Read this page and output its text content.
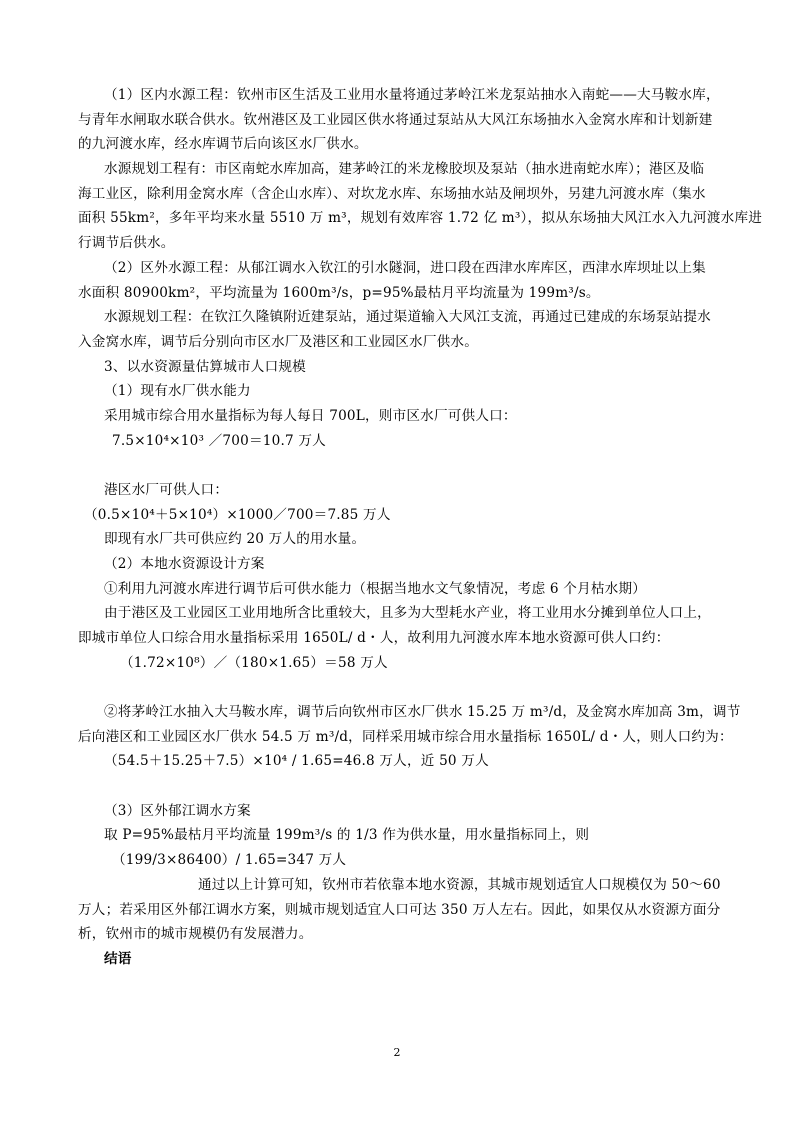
（1）区内水源工程：钦州市区生活及工业用水量将通过茅岭江米龙泵站抽水入南蛇——大马鞍水库，
与青年水闸取水联合供水。钦州港区及工业园区供水将通过泵站从大风江东场抽水入金窝水库和计划新建
的九河渡水库，经水库调节后向该区水厂供水。
水源规划工程有：市区南蛇水库加高，建茅岭江的米龙橡胶坝及泵站（抽水进南蛇水库）；港区及临
海工业区，除利用金窝水库（含企山水库）、对坎龙水库、东场抽水站及闸坝外，另建九河渡水库（集水
面积 55km²，多年平均来水量 5510 万 m³，规划有效库容 1.72 亿 m³），拟从东场抽大风江水入九河渡水库进
行调节后供水。
（2）区外水源工程：从郁江调水入钦江的引水隧洞，进口段在西津水库库区，西津水库坝址以上集
水面积 80900km²，平均流量为 1600m³/s，p=95%最枯月平均流量为 199m³/s。
水源规划工程：在钦江久隆镇附近建泵站，通过渠道输入大风江支流，再通过已建成的东场泵站提水
入金窝水库，调节后分别向市区水厂及港区和工业园区水厂供水。
3、以水资源量估算城市人口规模
（1）现有水厂供水能力
采用城市综合用水量指标为每人每日 700L，则市区水厂可供人口：
7.5×10⁴×10³ ／700＝10.7 万人
港区水厂可供人口：
（0.5×10⁴＋5×10⁴）×1000／700＝7.85 万人
即现有水厂共可供应约 20 万人的用水量。
（2）本地水资源设计方案
①利用九河渡水库进行调节后可供水能力（根据当地水文气象情况，考虑 6 个月枯水期）
由于港区及工业园区工业用地所含比重较大，且多为大型耗水产业，将工业用水分摊到单位人口上，
即城市单位人口综合用水量指标采用 1650L/ d・人，故利用九河渡水库本地水资源可供人口约：
（1.72×10⁸）／（180×1.65）＝58 万人
②将茅岭江水抽入大马鞍水库，调节后向钦州市区水厂供水 15.25 万 m³/d，及金窝水库加高 3m，调节
后向港区和工业园区水厂供水 54.5 万 m³/d，同样采用城市综合用水量指标 1650L/ d・人，则人口约为：
（54.5＋15.25＋7.5）×10⁴ / 1.65=46.8 万人，近 50 万人
（3）区外郁江调水方案
取 P=95%最枯月平均流量 199m³/s 的 1/3 作为供水量，用水量指标同上，则
（199/3×86400）/ 1.65=347 万人
通过以上计算可知，钦州市若依靠本地水资源，其城市规划适宜人口规模仅为 50～60
万人；若采用区外郁江调水方案，则城市规划适宜人口可达 350 万人左右。因此，如果仅从水资源方面分
析，钦州市的城市规模仍有发展潜力。
结语
2
